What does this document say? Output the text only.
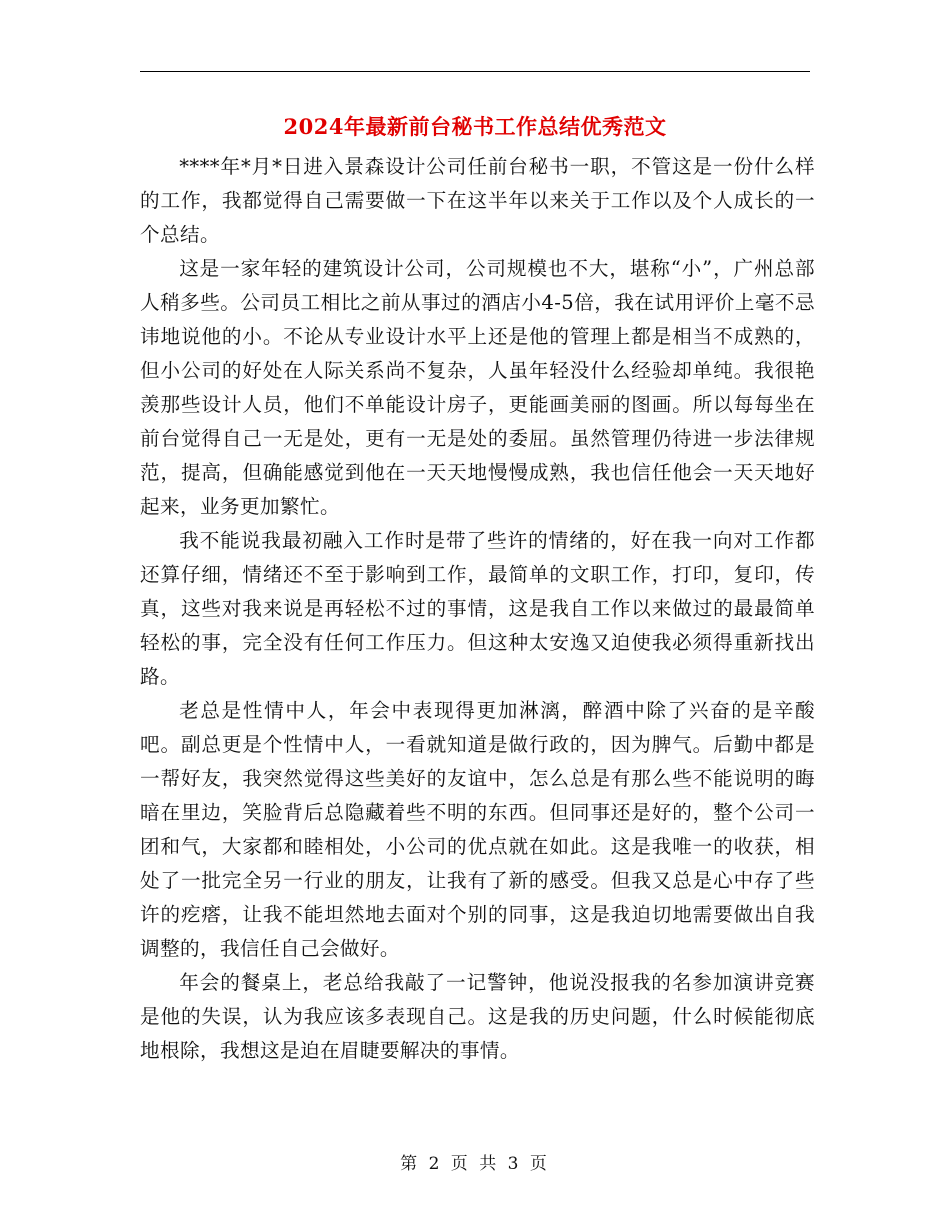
2024年最新前台秘书工作总结优秀范文

****年*月*日进入景森设计公司任前台秘书一职，不管这是一份什么样的工作，我都觉得自己需要做一下在这半年以来关于工作以及个人成长的一个总结。

这是一家年轻的建筑设计公司，公司规模也不大，堪称“小”，广州总部人稍多些。公司员工相比之前从事过的酒店小4-5倍，我在试用评价上毫不忌讳地说他的小。不论从专业设计水平上还是他的管理上都是相当不成熟的，但小公司的好处在人际关系尚不复杂，人虽年轻没什么经验却单纯。我很艳羡那些设计人员，他们不单能设计房子，更能画美丽的图画。所以每每坐在前台觉得自己一无是处，更有一无是处的委屈。虽然管理仍待进一步法律规范，提高，但确能感觉到他在一天天地慢慢成熟，我也信任他会一天天地好起来，业务更加繁忙。

我不能说我最初融入工作时是带了些许的情绪的，好在我一向对工作都还算仔细，情绪还不至于影响到工作，最简单的文职工作，打印，复印，传真，这些对我来说是再轻松不过的事情，这是我自工作以来做过的最最简单轻松的事，完全没有任何工作压力。但这种太安逸又迫使我必须得重新找出路。

老总是性情中人，年会中表现得更加淋漓，醉酒中除了兴奋的是辛酸吧。副总更是个性情中人，一看就知道是做行政的，因为脾气。后勤中都是一帮好友，我突然觉得这些美好的友谊中，怎么总是有那么些不能说明的晦暗在里边，笑脸背后总隐藏着些不明的东西。但同事还是好的，整个公司一团和气，大家都和睦相处，小公司的优点就在如此。这是我唯一的收获，相处了一批完全另一行业的朋友，让我有了新的感受。但我又总是心中存了些许的疙瘩，让我不能坦然地去面对个别的同事，这是我迫切地需要做出自我调整的，我信任自己会做好。

年会的餐桌上，老总给我敲了一记警钟，他说没报我的名参加演讲竞赛是他的失误，认为我应该多表现自己。这是我的历史问题，什么时候能彻底地根除，我想这是迫在眉睫要解决的事情。

第 2 页 共 3 页
